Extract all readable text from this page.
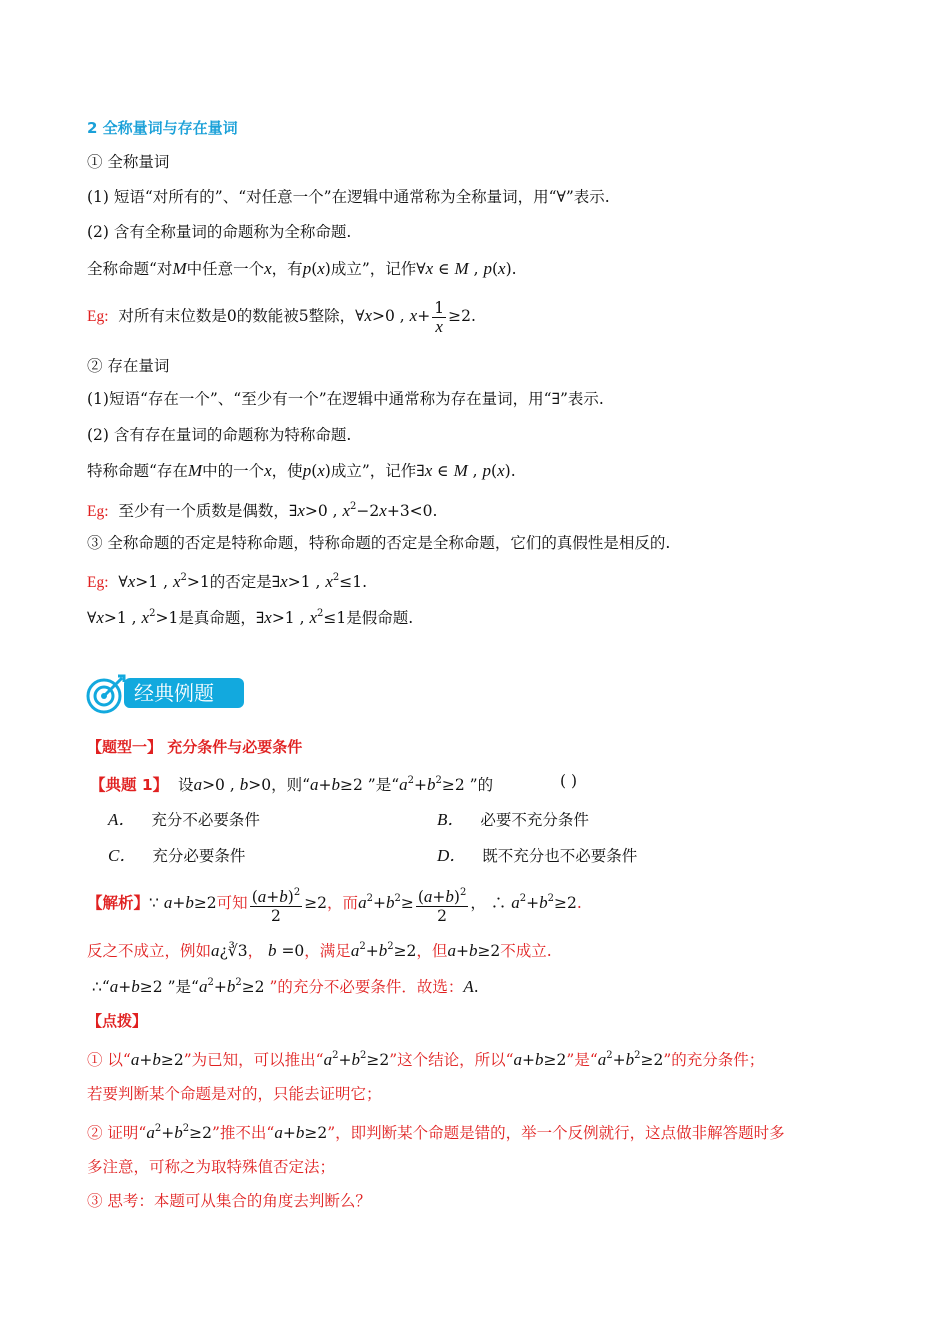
2 全称量词与存在量词
① 全称量词
(1) 短语“对所有的”、“对任意一个”在逻辑中通常称为全称量词，用“∀”表示.
(2) 含有全称量词的命题称为全称命题.
全称命题“对M中任意一个x，有p(x)成立”，记作∀x ∈ M , p(x).
Eg: 对所有末位数是0的数能被5整除，∀x>0 , $x+ \frac{1}{x} \ge 2$.
② 存在量词
(1)短语“存在一个”、“至少有一个”在逻辑中通常称为存在量词，用“∃”表示.
(2) 含有存在量词的命题称为特称命题.
特称命题“存在M中的一个x，使p(x)成立”，记作∃x ∈ M , p(x).
Eg: 至少有一个质数是偶数，∃x>0 , $x^2-2x+3<0$.
③ 全称命题的否定是特称命题，特称命题的否定是全称命题，它们的真假性是相反的.
Eg:  ∀x>1 , $x^2>1$的否定是∃x>1 , $x^2\le 1$.
∀x>1 , $x^2>1$是真命题，∃x>1 , $x^2\le 1$是假命题.
经典例题
【题型一】 充分条件与必要条件
【典题 1】 设a>0 , b>0，则“a+b≥2 ”是“$a^2+b^2\ge 2$ ”的	( )
A． 充分不必要条件	B． 必要不充分条件
C． 充分必要条件	D． 既不充分也不必要条件
【解析】∵ a+b≥2可知 $\frac{(a+b)^2}{2} \ge 2$，而$a^2+b^2\ge \frac{(a+b)^2}{2}$ ， ∴ $a^2+b^2\ge 2$.
反之不成立，例如a¿∛3， b =0，满足$a^2+b^2\ge 2$，但a+b≥2不成立.
∴“a+b≥2 ”是“$a^2+b^2\ge 2$ ”的充分不必要条件．故选：A.
【点拨】
① 以“a+b≥2”为已知，可以推出“$a^2+b^2\ge 2$”这个结论，所以“a+b≥2”是“$a^2+b^2\ge 2$”的充分条件；
若要判断某个命题是对的，只能去证明它；
② 证明“$a^2+b^2\ge 2$”推不出“a+b≥2”，即判断某个命题是错的，举一个反例就行，这点做非解答题时多
多注意，可称之为取特殊值否定法；
③ 思考：本题可从集合的角度去判断么？
